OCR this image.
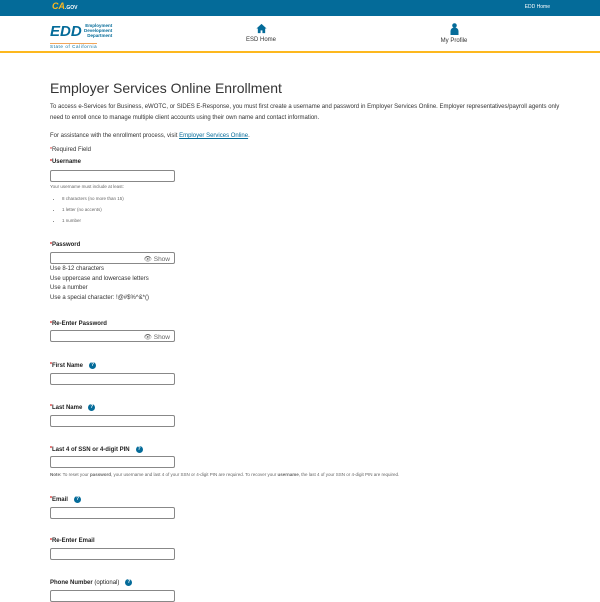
CA.GOV	EDD Home
EDD Employment
Development
Department
State of California
ESD Home	My Profile
Employer Services Online Enrollment

To access e-Services for Business, eWOTC, or SIDES E-Response, you must first create a username and password in Employer Services Online. Employer representatives/payroll agents only need to enroll once to manage multiple client accounts using their own name and contact information.

For assistance with the enrollment process, visit Employer Services Online.

*Required Field

*Username
Your username must include at least:
• 8 characters (no more than 15)
• 1 letter (no accents)
• 1 number
*Password
👁 Show
Use 8-12 characters
Use uppercase and lowercase letters
Use a number
Use a special character: !@#$%^&*()
*Re-Enter Password
👁 Show
*First Name ?
*Last Name ?
*Last 4 of SSN or 4-digit PIN ?
Note: To reset your password, your username and last 4 of your SSN or 4-digit PIN are required. To recover your username, the last 4 of your SSN or 4-digit PIN are required.
*Email ?
*Re-Enter Email
Phone Number (optional) ?
